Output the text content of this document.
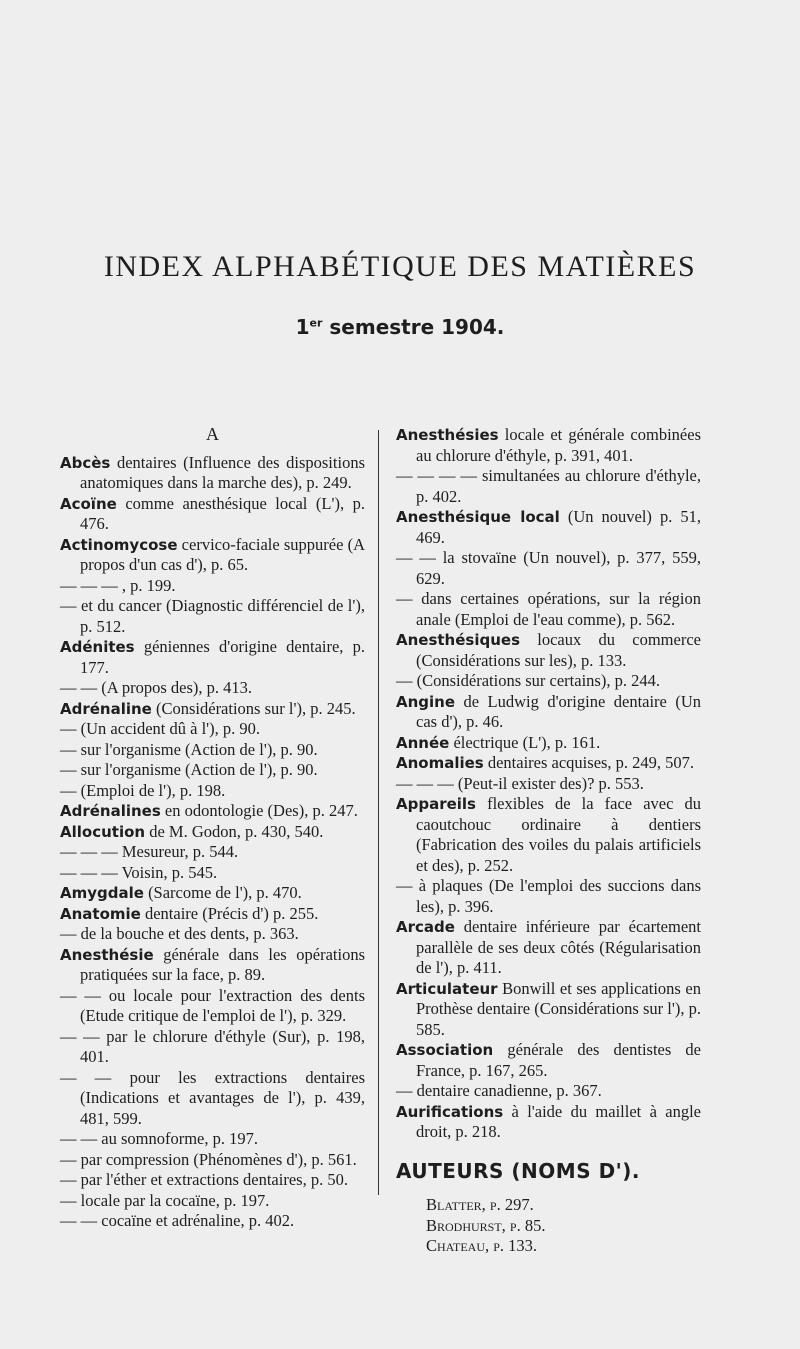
INDEX ALPHABÉTIQUE DES MATIÈRES
1er semestre 1904.
A
Abcès dentaires (Influence des dispositions anatomiques dans la marche des), p. 249.
Acoïne comme anesthésique local (L'), p. 476.
Actinomycose cervico-faciale suppurée (A propos d'un cas d'), p. 65.
— — — , p. 199.
— et du cancer (Diagnostic différenciel de l'), p. 512.
Adénites géniennes d'origine dentaire, p. 177.
— — (A propos des), p. 413.
Adrénaline (Considérations sur l'), p. 245.
— (Un accident dû à l'), p. 90.
— sur l'organisme (Action de l'), p. 90.
— sur l'organisme (Action de l'), p. 90.
— (Emploi de l'), p. 198.
Adrénalines en odontologie (Des), p. 247.
Allocution de M. Godon, p. 430, 540.
— — — Mesureur, p. 544.
— — — Voisin, p. 545.
Amygdale (Sarcome de l'), p. 470.
Anatomie dentaire (Précis d') p. 255.
— de la bouche et des dents, p. 363.
Anesthésie générale dans les opérations pratiquées sur la face, p. 89.
— — ou locale pour l'extraction des dents (Etude critique de l'emploi de l'), p. 329.
— — par le chlorure d'éthyle (Sur), p. 198, 401.
— — pour les extractions dentaires (Indications et avantages de l'), p. 439, 481, 599.
— — au somnoforme, p. 197.
— par compression (Phénomènes d'), p. 561.
— par l'éther et extractions dentaires, p. 50.
— locale par la cocaïne, p. 197.
— — cocaïne et adrénaline, p. 402.
Anesthésies locale et générale combinées au chlorure d'éthyle, p. 391, 401.
— — — — simultanées au chlorure d'éthyle, p. 402.
Anesthésique local (Un nouvel) p. 51, 469.
— — la stovaïne (Un nouvel), p. 377, 559, 629.
— dans certaines opérations, sur la région anale (Emploi de l'eau comme), p. 562.
Anesthésiques locaux du commerce (Considérations sur les), p. 133.
— (Considérations sur certains), p. 244.
Angine de Ludwig d'origine dentaire (Un cas d'), p. 46.
Année électrique (L'), p. 161.
Anomalies dentaires acquises, p. 249, 507.
— — — (Peut-il exister des)? p. 553.
Appareils flexibles de la face avec du caoutchouc ordinaire à dentiers (Fabrication des voiles du palais artificiels et des), p. 252.
— à plaques (De l'emploi des succions dans les), p. 396.
Arcade dentaire inférieure par écartement parallèle de ses deux côtés (Régularisation de l'), p. 411.
Articulateur Bonwill et ses applications en Prothèse dentaire (Considérations sur l'), p. 585.
Association générale des dentistes de France, p. 167, 265.
— dentaire canadienne, p. 367.
Aurifications à l'aide du maillet à angle droit, p. 218.
AUTEURS (NOMS D').
Blatter, p. 297.
Brodhurst, p. 85.
Chateau, p. 133.
